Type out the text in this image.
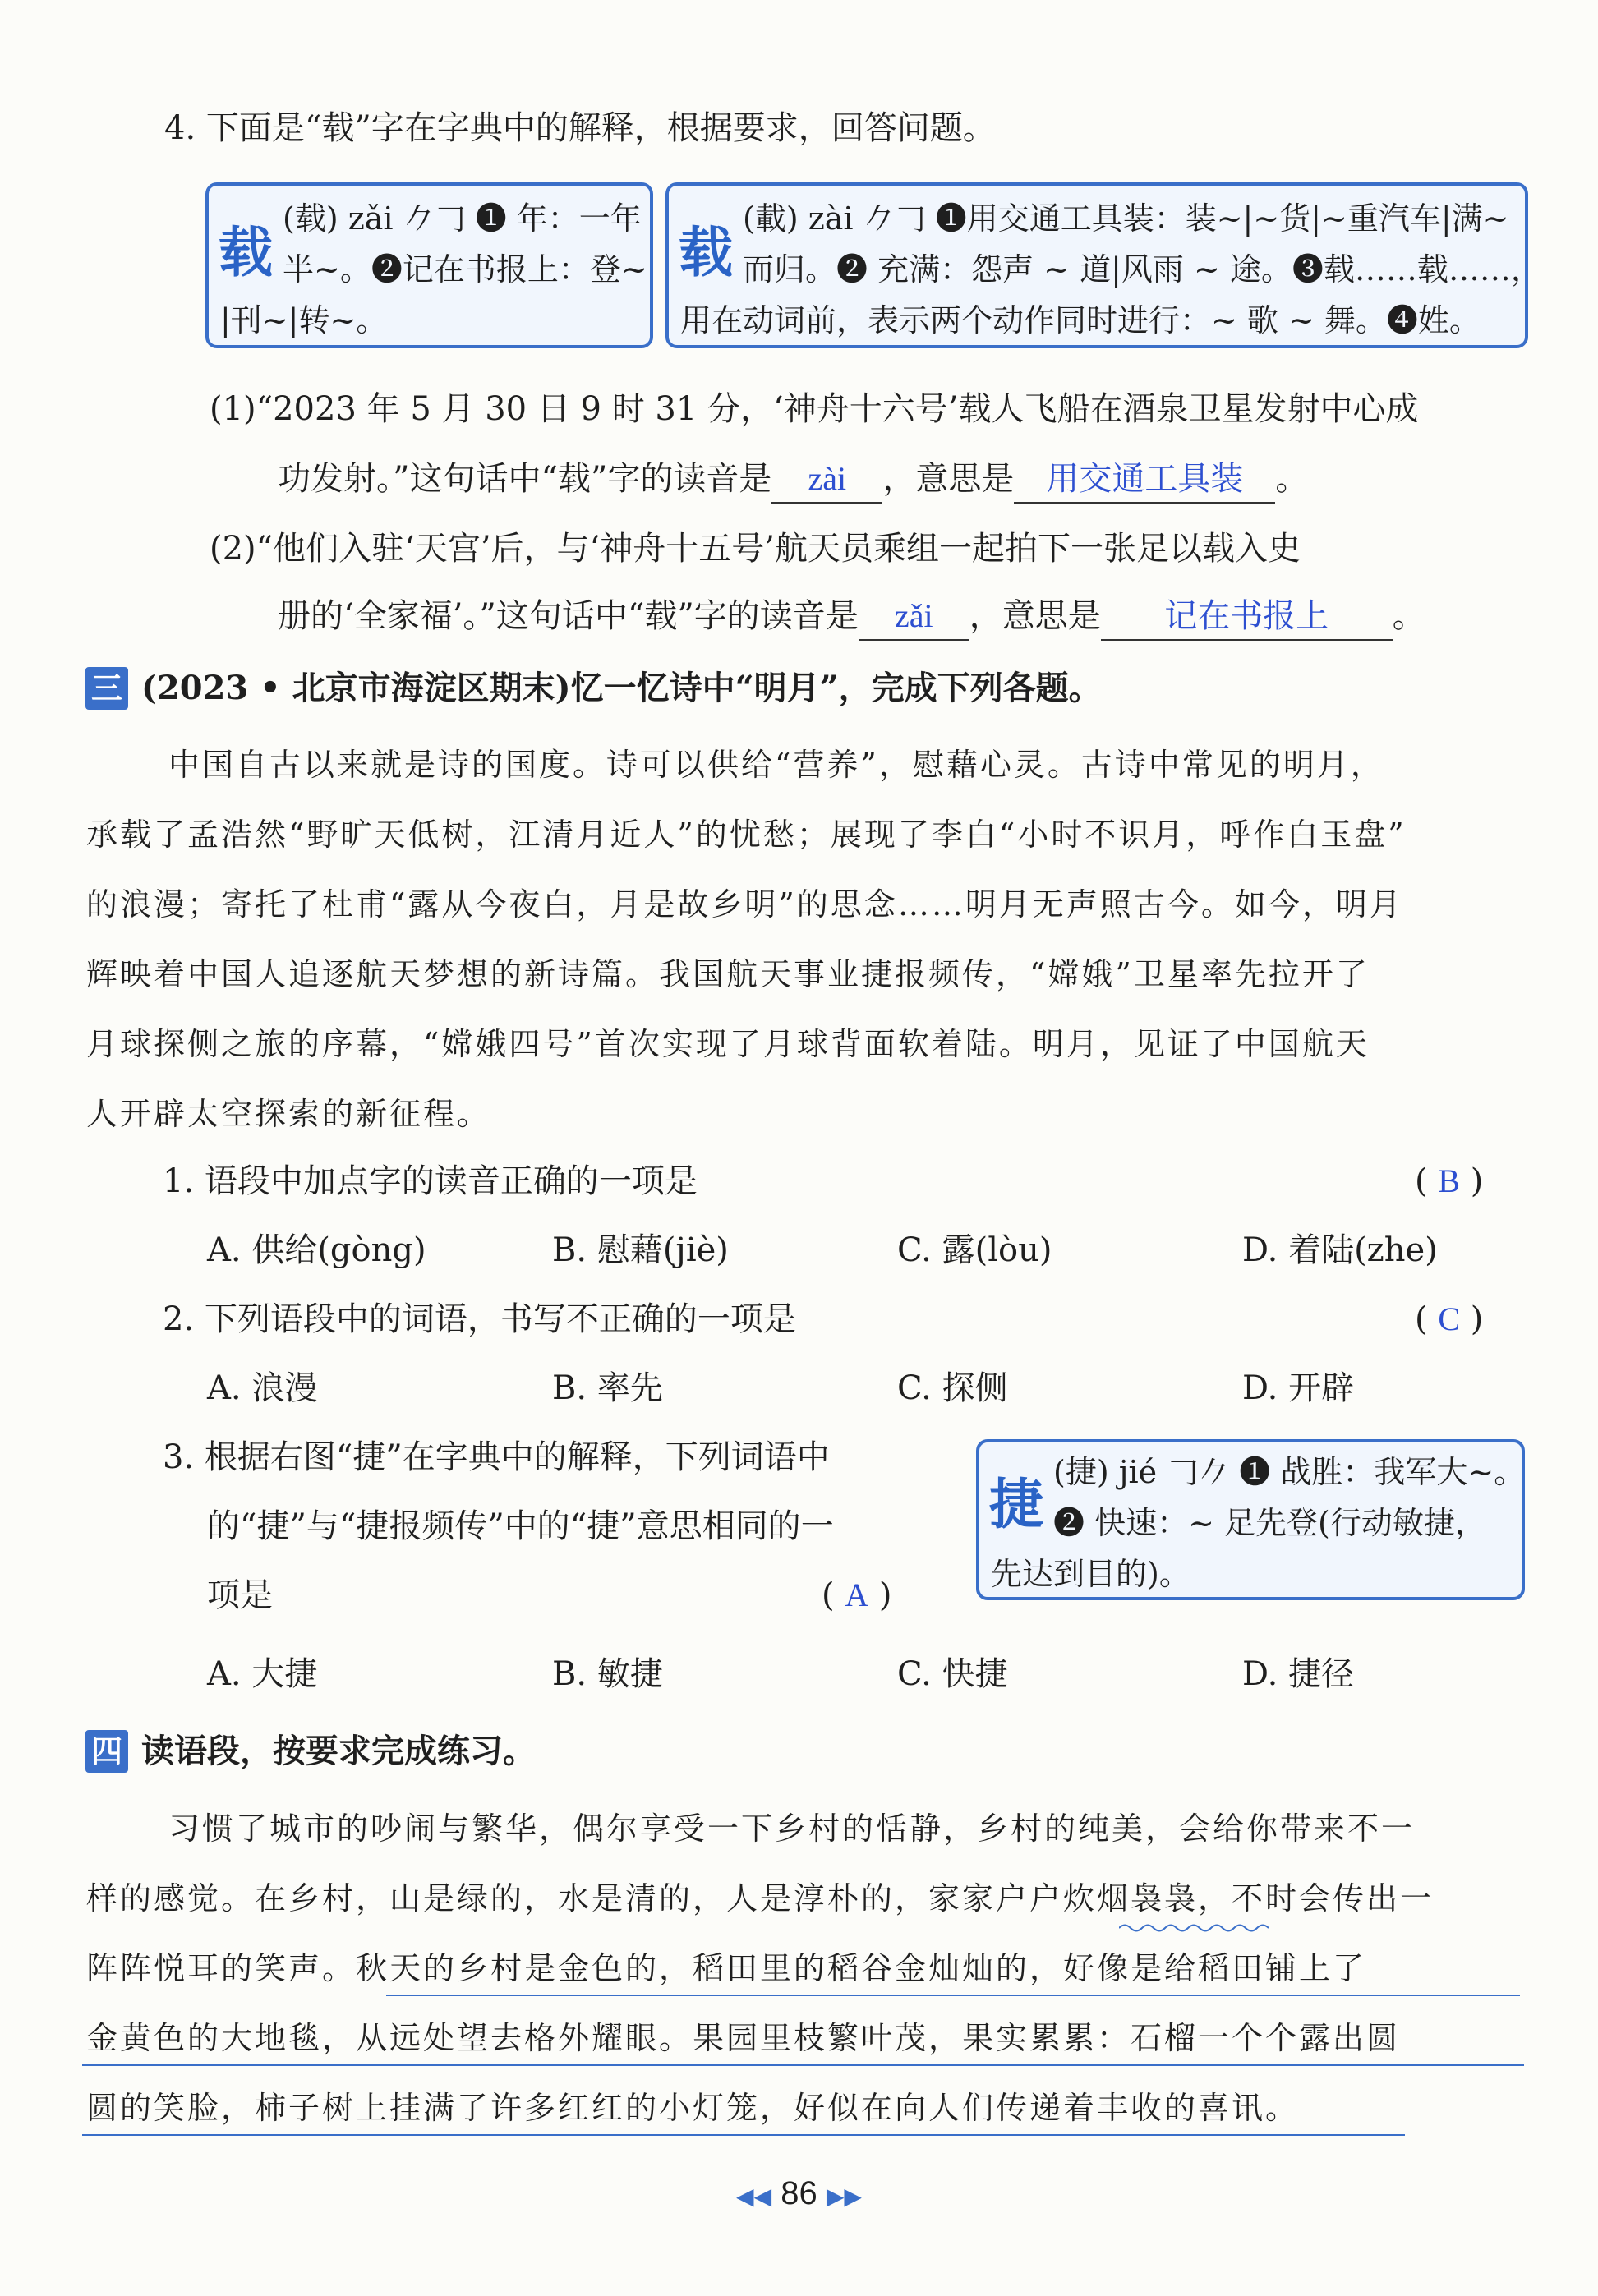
4. 下面是“载”字在字典中的解释，根据要求，回答问题。
载
(载) zǎi 𠂊𠃌 ❶ 年：一年
半~。❷记在书报上：登~
|刊~|转~。
载
(載) zài 𠂊𠃌 ❶用交通工具装：装~|~货|~重汽车|满~
而归。❷ 充满：怨声 ~ 道|风雨 ~ 途。❸载……载……，
用在动词前，表示两个动作同时进行：~ 歌 ~ 舞。❹姓。
(1)“2023 年 5 月 30 日 9 时 31 分，‘神舟十六号’载人飞船在酒泉卫星发射中心成
功发射。”这句话中“载”字的读音是 zài ，意思是 用交通工具装 。
(2)“他们入驻‘天宫’后，与‘神舟十五号’航天员乘组一起拍下一张足以载入史
册的‘全家福’。”这句话中“载”字的读音是 zǎi ，意思是 记在书报上 。
三 (2023 • 北京市海淀区期末)忆一忆诗中“明月”，完成下列各题。
中国自古以来就是诗的国度。诗可以供给“营养”，慰藉心灵。古诗中常见的明月，
承载了孟浩然“野旷天低树，江清月近人”的忧愁；展现了李白“小时不识月，呼作白玉盘”
的浪漫；寄托了杜甫“露从今夜白，月是故乡明”的思念……明月无声照古今。如今，明月
辉映着中国人追逐航天梦想的新诗篇。我国航天事业捷报频传，“嫦娥”卫星率先拉开了
月球探侧之旅的序幕，“嫦娥四号”首次实现了月球背面软着陆。明月，见证了中国航天
人开辟太空探索的新征程。
1. 语段中加点字的读音正确的一项是	( B )
A. 供给(gòng)	B. 慰藉(jiè)	C. 露(lòu)	D. 着陆(zhe)
2. 下列语段中的词语，书写不正确的一项是	( C )
A. 浪漫	B. 率先	C. 探侧	D. 开辟
3. 根据右图“捷”在字典中的解释，下列词语中
的“捷”与“捷报频传”中的“捷”意思相同的一
项是	( A )
捷 (捷) jié 𠃌𠂊 ❶ 战胜：我军大~。
❷ 快速：~ 足先登(行动敏捷，
先达到目的)。
A. 大捷	B. 敏捷	C. 快捷	D. 捷径
四 读语段，按要求完成练习。
习惯了城市的吵闹与繁华，偶尔享受一下乡村的恬静，乡村的纯美，会给你带来不一
样的感觉。在乡村，山是绿的，水是清的，人是淳朴的，家家户户炊烟袅袅，不时会传出一
阵阵悦耳的笑声。秋天的乡村是金色的，稻田里的稻谷金灿灿的，好像是给稻田铺上了
金黄色的大地毯，从远处望去格外耀眼。果园里枝繁叶茂，果实累累：石榴一个个露出圆
圆的笑脸，柿子树上挂满了许多红红的小灯笼，好似在向人们传递着丰收的喜讯。
◀◀ 86 ▶▶
